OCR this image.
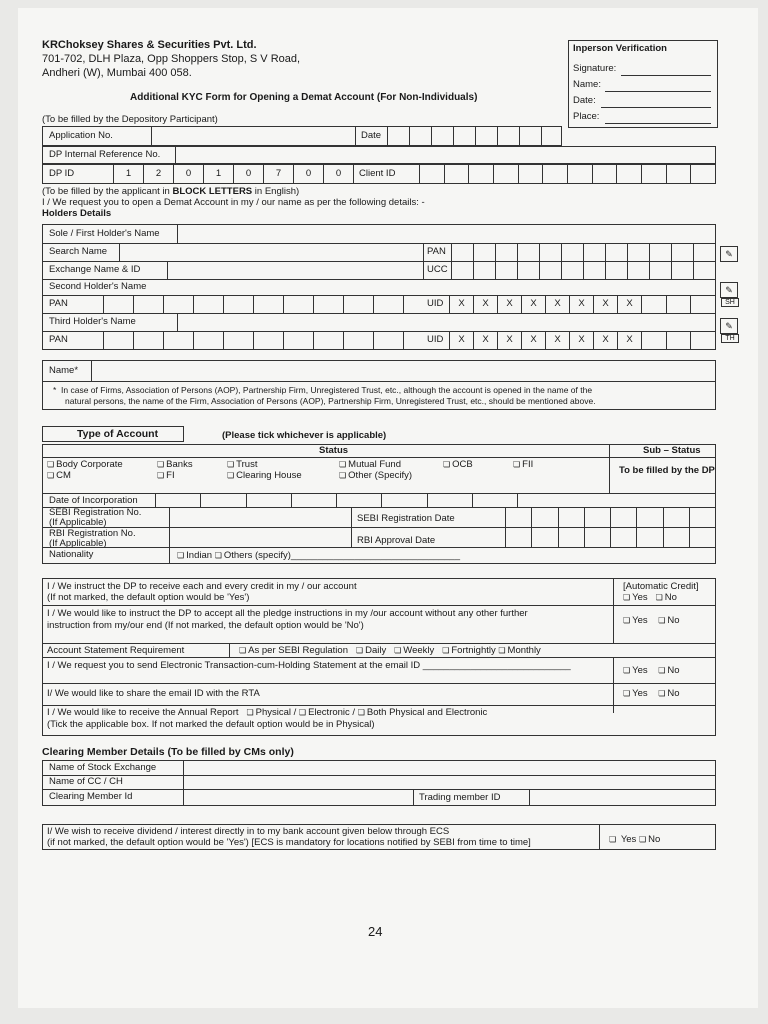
KRChoksey Shares & Securities Pvt. Ltd.
701-702, DLH Plaza, Opp Shoppers Stop, S V Road,
Andheri (W), Mumbai 400 058.
Inperson Verification
Signature:
Name:
Date:
Place:
Additional KYC Form for Opening a Demat Account (For Non-Individuals)
(To be filled by the Depository Participant)
Application No.	Date
DP Internal Reference No.
DP ID	1	2	0	1	0	7	0	0	Client ID
(To be filled by the applicant in BLOCK LETTERS in English)
I / We request you to open a Demat Account in my / our name as per the following details: -
Holders Details
Sole / First Holder's Name
Search Name	PAN
Exchange Name & ID	UCC
Second Holder's Name
PAN	UID	X	X	X	X	X	X	X	X
Third Holder's Name
PAN	UID	X	X	X	X	X	X	X	X
✎
✎
SH
✎
TH
Name*
*  In case of Firms, Association of Persons (AOP), Partnership Firm, Unregistered Trust, etc., although the account is opened in the name of the
natural persons, the name of the Firm, Association of Persons (AOP), Partnership Firm, Unregistered Trust, etc., should be mentioned above.
Type of Account	(Please tick whichever is applicable)
Status	Sub – Status
❏ Body Corporate ❏	Banks ❏	Trust ❏	Mutual Fund ❏	OCB ❏	FII
❏ CM ❏	FI ❏	Clearing House ❏	Other (Specify)	To be filled by the DP
Date of Incorporation
SEBI Registration No.
(If Applicable)	SEBI Registration Date
RBI Registration No.
(If Applicable)	RBI Approval Date
Nationality ❏	Indian ❏ Others (specify)________________________________
I / We instruct the DP to receive each and every credit in my / our account
(If not marked, the default option would be 'Yes')
[Automatic Credit]
❏ Yes ❏ No
I / We would like to instruct the DP to accept all the pledge instructions in my /our account without any other further
instruction from my/our end (If not marked, the default option would be 'No') ❏	Yes ❏ No
Account Statement Requirement ❏	As per SEBI Regulation ❏ Daily ❏ Weekly ❏ Fortnightly ❏ Monthly
I / We request you to send Electronic Transaction-cum-Holding Statement at the email ID ____________________________ ❏	Yes ❏ No
I/ We would like to share the email ID with the RTA ❏	Yes ❏ No
I / We would like to receive the Annual Report ❏ Physical / ❏ Electronic / ❏ Both Physical and Electronic
(Tick the applicable box. If not marked the default option would be in Physical)
Clearing Member Details (To be filled by CMs only)
Name of Stock Exchange
Name of CC / CH
Clearing Member Id	Trading member ID
I/ We wish to receive dividend / interest directly in to my bank account given below through ECS
(if not marked, the default option would be 'Yes') [ECS is mandatory for locations notified by SEBI from time to time] ❏	Yes ❏ No
24
